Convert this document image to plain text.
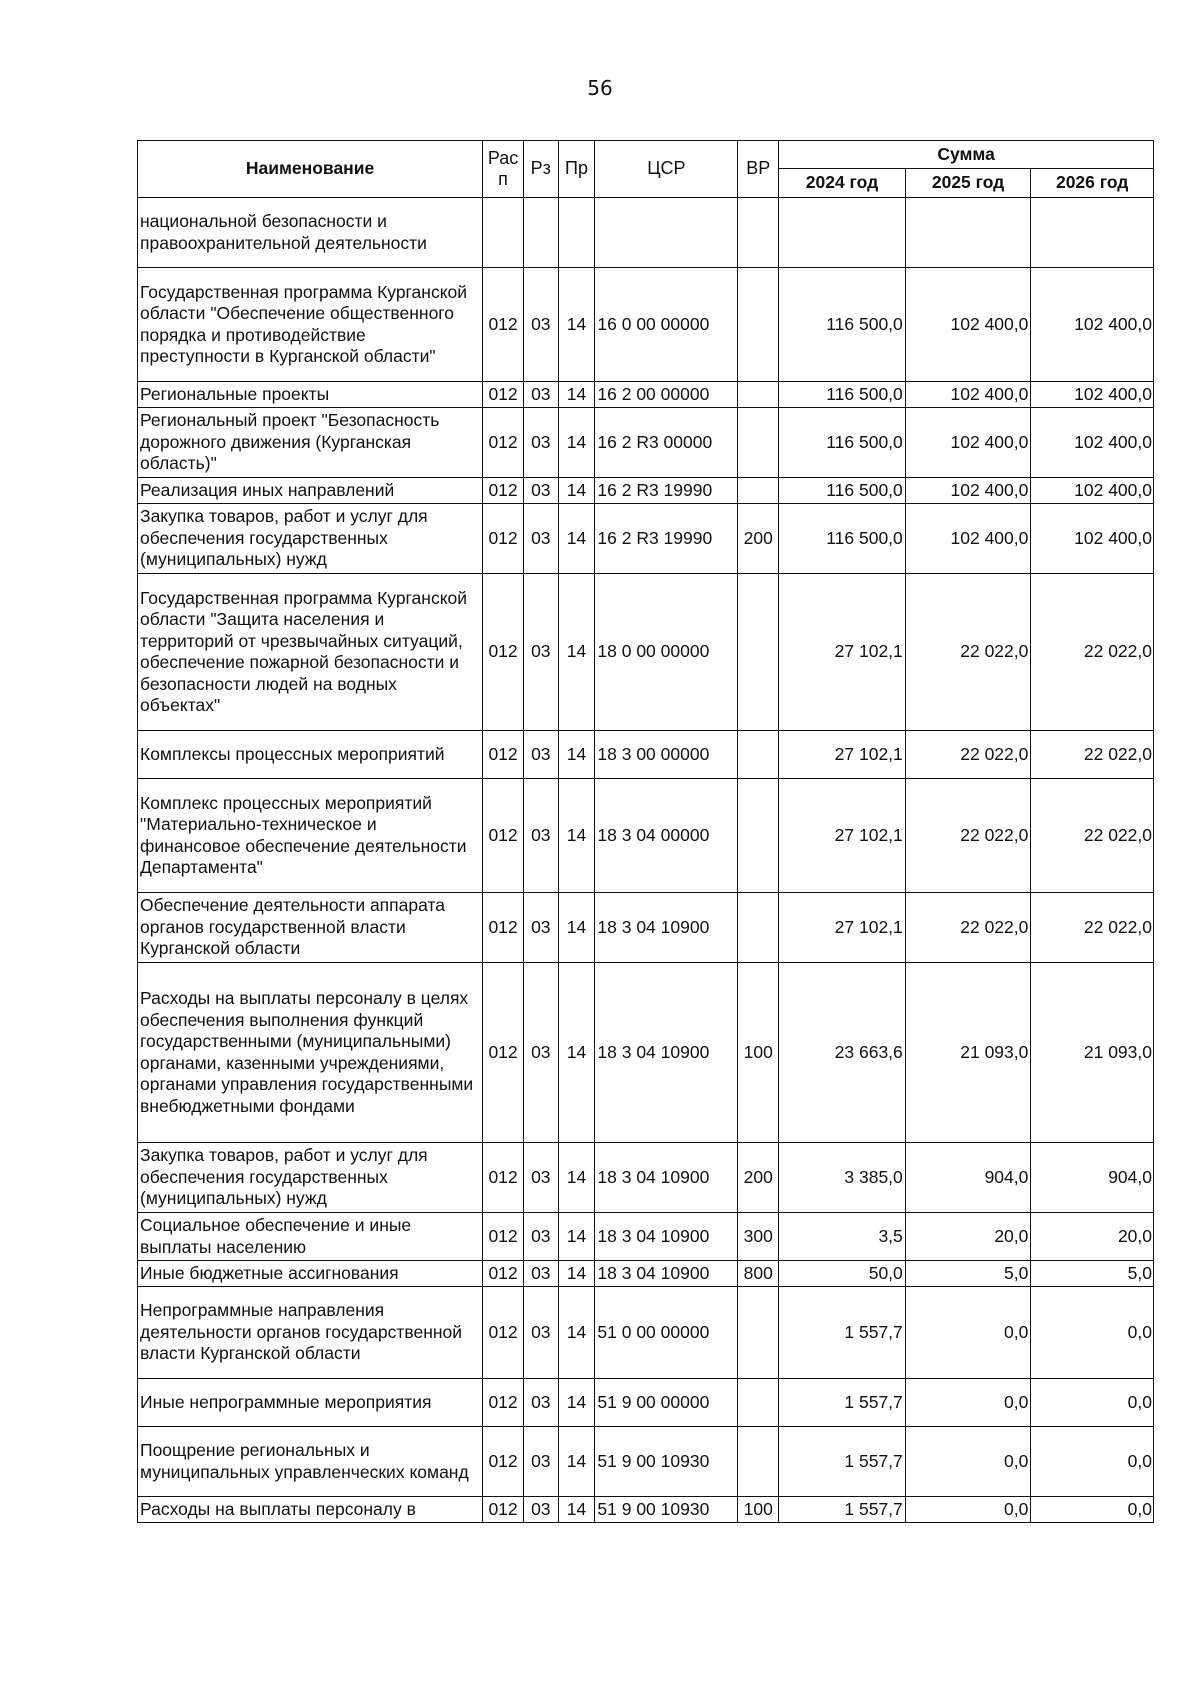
56
Наименование	Рас п	Рз	Пр	ЦСР	ВР	Сумма		
						2024 год	2025 год	2026 год
национальной безопасности и правоохранительной деятельности								
Государственная программа Курганской области "Обеспечение общественного порядка и противодействие преступности в Курганской области"	012	03	14	16 0 00 00000		116 500,0	102 400,0	102 400,0
Региональные проекты	012	03	14	16 2 00 00000		116 500,0	102 400,0	102 400,0
Региональный проект "Безопасность дорожного движения (Курганская область)"	012	03	14	16 2 R3 00000		116 500,0	102 400,0	102 400,0
Реализация иных направлений	012	03	14	16 2 R3 19990		116 500,0	102 400,0	102 400,0
Закупка товаров, работ и услуг для обеспечения государственных (муниципальных) нужд	012	03	14	16 2 R3 19990	200	116 500,0	102 400,0	102 400,0
Государственная программа Курганской области "Защита населения и территорий от чрезвычайных ситуаций, обеспечение пожарной безопасности и безопасности людей на водных объектах"	012	03	14	18 0 00 00000		27 102,1	22 022,0	22 022,0
Комплексы процессных мероприятий	012	03	14	18 3 00 00000		27 102,1	22 022,0	22 022,0
Комплекс процессных мероприятий "Материально-техническое и финансовое обеспечение деятельности Департамента"	012	03	14	18 3 04 00000		27 102,1	22 022,0	22 022,0
Обеспечение деятельности аппарата органов государственной власти Курганской области	012	03	14	18 3 04 10900		27 102,1	22 022,0	22 022,0
Расходы на выплаты персоналу в целях обеспечения выполнения функций государственными (муниципальными) органами, казенными учреждениями, органами управления государственными внебюджетными фондами	012	03	14	18 3 04 10900	100	23 663,6	21 093,0	21 093,0
Закупка товаров, работ и услуг для обеспечения государственных (муниципальных) нужд	012	03	14	18 3 04 10900	200	3 385,0	904,0	904,0
Социальное обеспечение и иные выплаты населению	012	03	14	18 3 04 10900	300	3,5	20,0	20,0
Иные бюджетные ассигнования	012	03	14	18 3 04 10900	800	50,0	5,0	5,0
Непрограммные направления деятельности органов государственной власти Курганской области	012	03	14	51 0 00 00000		1 557,7	0,0	0,0
Иные непрограммные мероприятия	012	03	14	51 9 00 00000		1 557,7	0,0	0,0
Поощрение региональных и муниципальных управленческих команд	012	03	14	51 9 00 10930		1 557,7	0,0	0,0
Расходы на выплаты персоналу в	012	03	14	51 9 00 10930	100	1 557,7	0,0	0,0
